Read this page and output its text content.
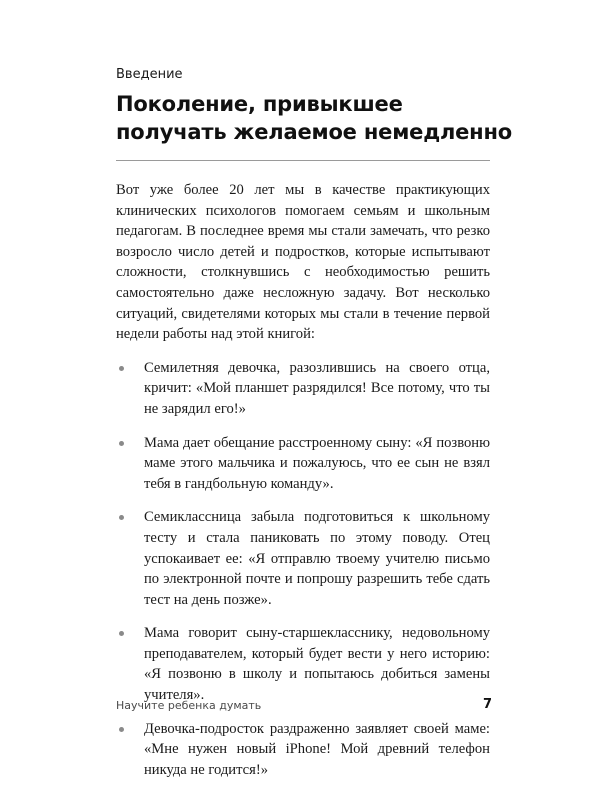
Введение
Поколение, привыкшее получать желаемое немедленно

Вот уже более 20 лет мы в качестве практикующих клинических психологов помогаем семьям и школьным педагогам. В последнее время мы стали замечать, что резко возросло число детей и подростков, которые испытывают сложности, столкнувшись с необходимостью решить самостоятельно даже несложную задачу. Вот несколько ситуаций, свидетелями которых мы стали в течение первой недели работы над этой книгой:

Семилетняя девочка, разозлившись на своего отца, кричит: «Мой планшет разрядился! Все потому, что ты не зарядил его!»
Мама дает обещание расстроенному сыну: «Я позвоню маме этого мальчика и пожалуюсь, что ее сын не взял тебя в гандбольную команду».
Семиклассница забыла подготовиться к школьному тесту и стала паниковать по этому поводу. Отец успокаивает ее: «Я отправлю твоему учителю письмо по электронной почте и попрошу разрешить тебе сдать тест на день позже».
Мама говорит сыну-старшекласснику, недовольному преподавателем, который будет вести у него историю: «Я позвоню в школу и попытаюсь добиться замены учителя».
Девочка-подросток раздраженно заявляет своей маме: «Мне нужен новый iPhone! Мой древний телефон никуда не годится!»
Научите ребенка думать	7
